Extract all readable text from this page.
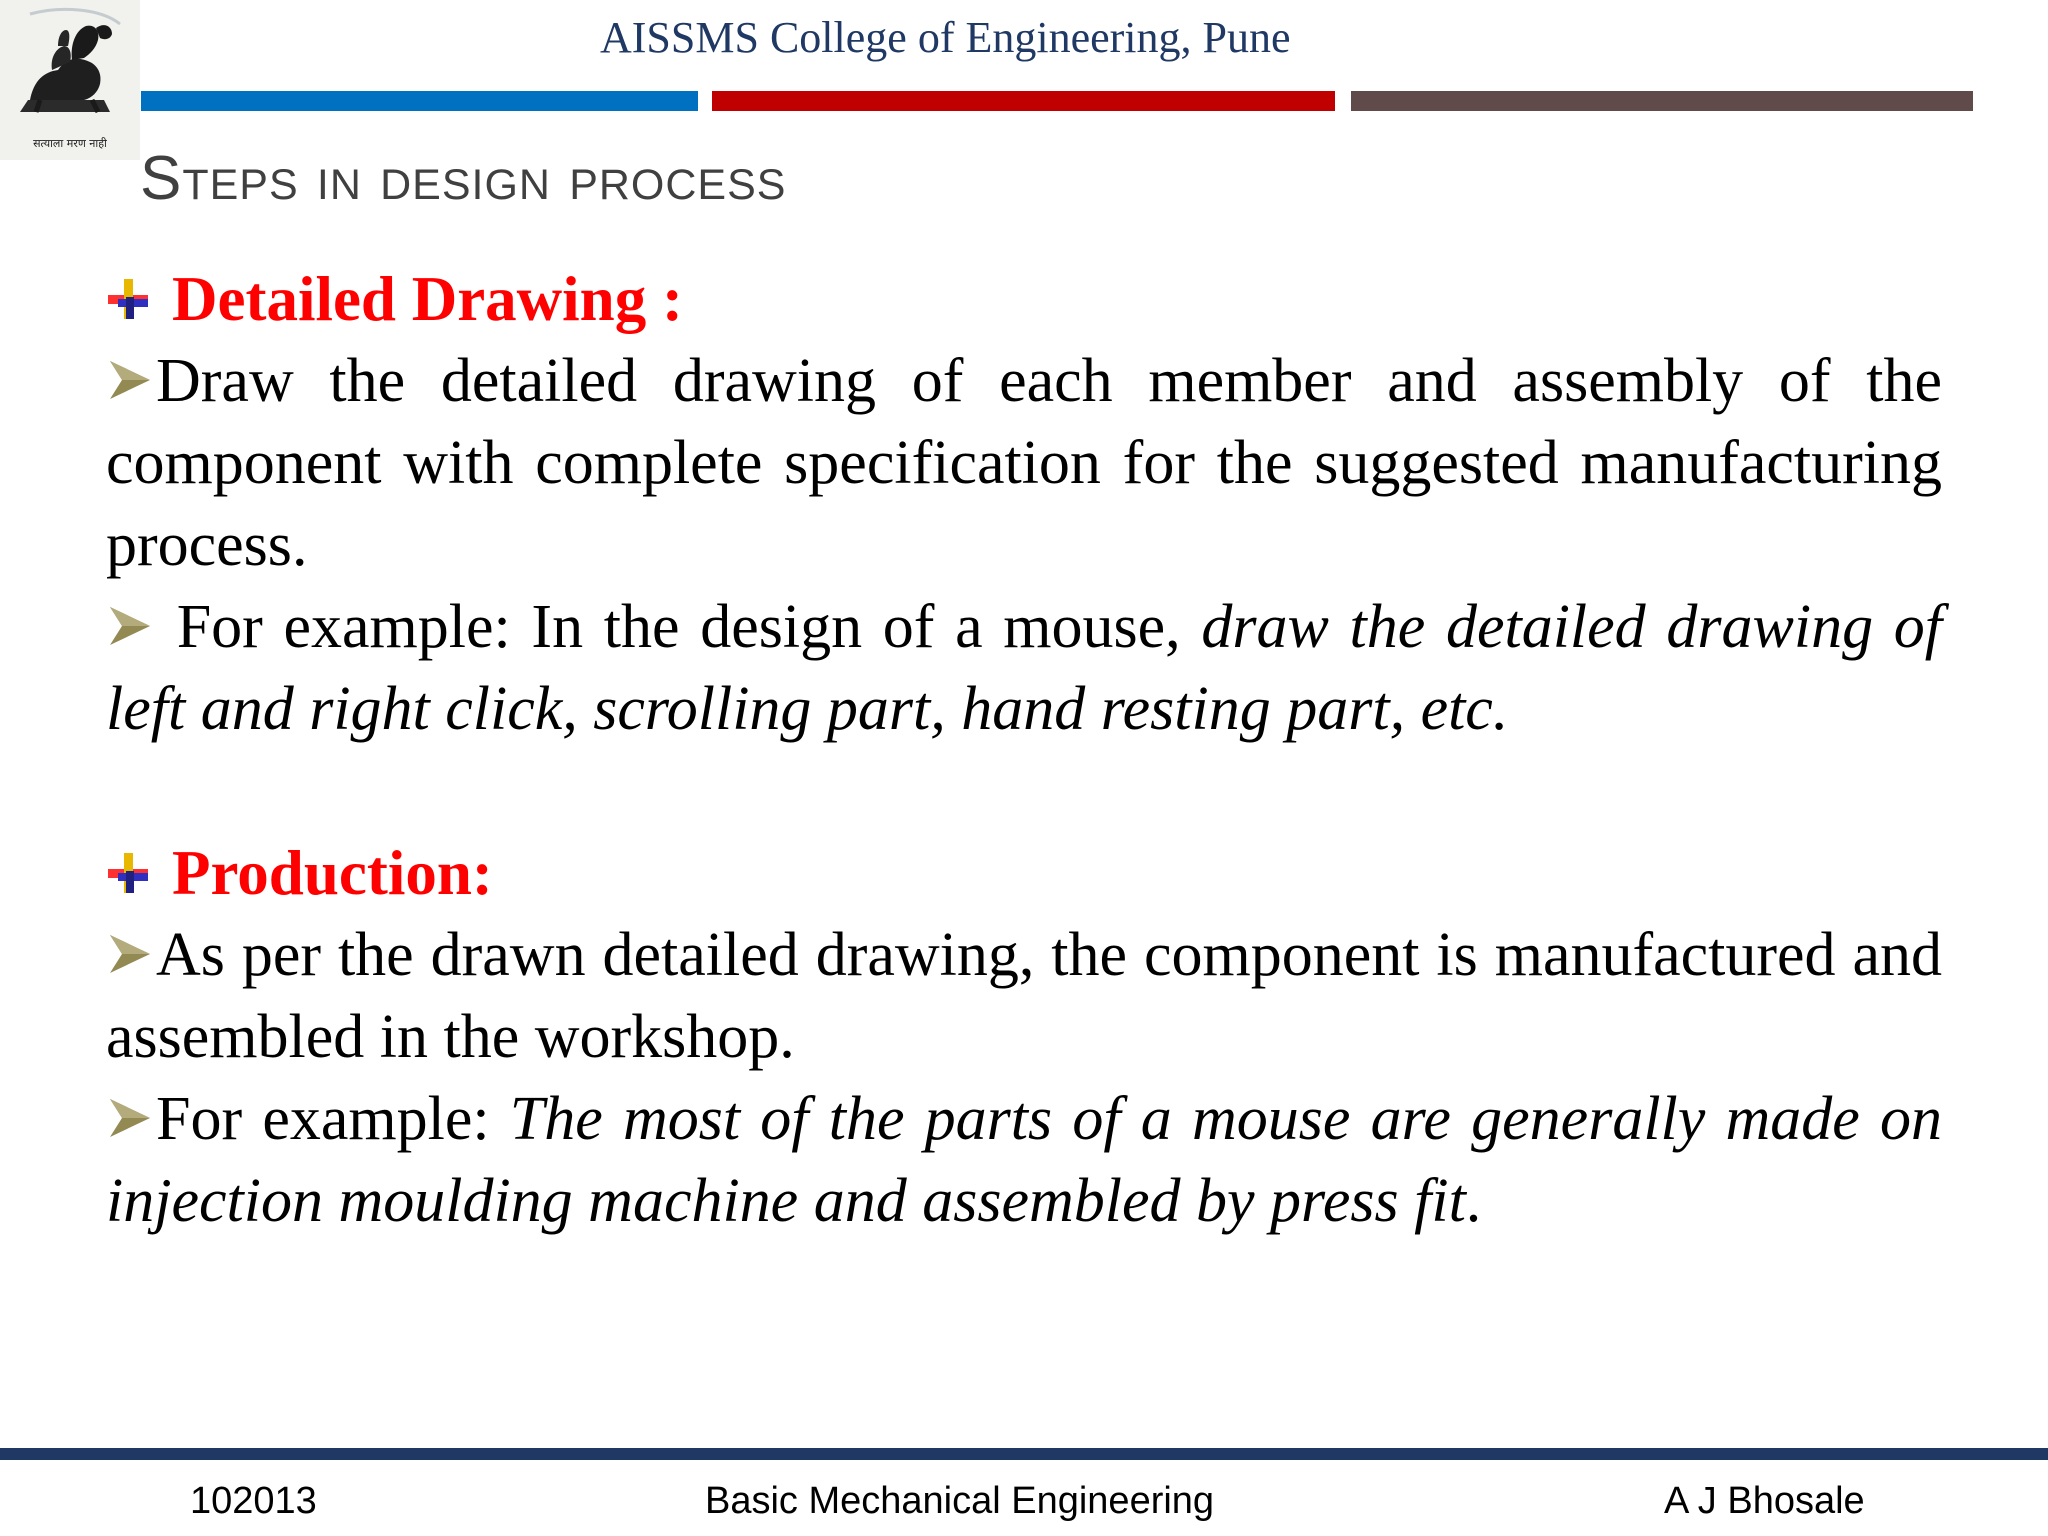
सत्याला मरण नाही
AISSMS College of Engineering, Pune
Steps in design process
Detailed Drawing :
Draw the detailed drawing of each member and assembly of the component with complete specification for the suggested manufacturing process.
For example: In the design of a mouse, draw the detailed drawing of left and right click, scrolling part, hand resting part, etc.
Production:
As per the drawn detailed drawing, the component is manufactured and assembled in the workshop.
For example: The most of the parts of a mouse are generally made on injection moulding machine and assembled by press fit.
102013	Basic Mechanical Engineering	A J Bhosale
